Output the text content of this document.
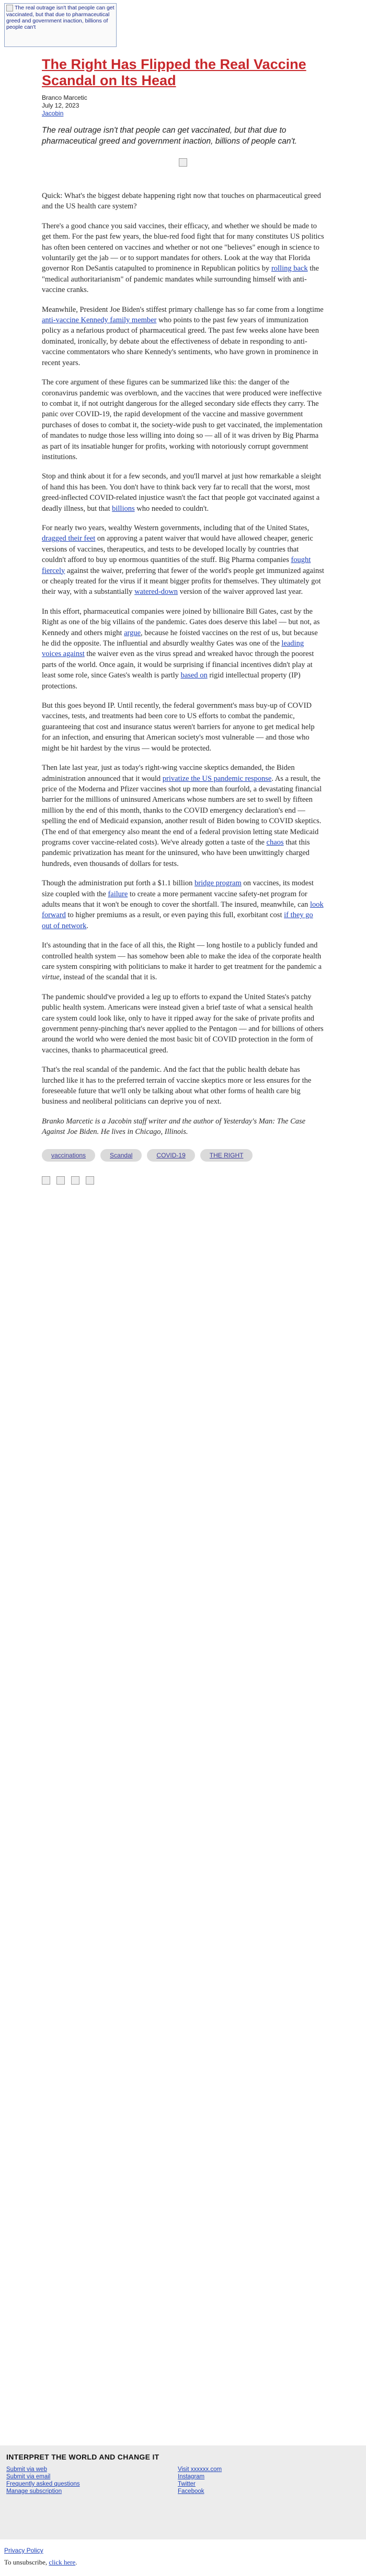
The real outrage isn't that people can get vaccinated, but that due to pharmaceutical greed and government inaction, billions of people can't
The Right Has Flipped the Real Vaccine Scandal on Its Head
Branco Marcetic
July 12, 2023
Jacobin

The real outrage isn't that people can get vaccinated, but that due to pharmaceutical greed and government inaction, billions of people can't.

Quick: What's the biggest debate happening right now that touches on pharmaceutical greed and the US health care system?

There's a good chance you said vaccines, their efficacy, and whether we should be made to get them. For the past few years, the blue-red food fight that for many constitutes US politics has often been centered on vaccines and whether or not one "believes" enough in science to voluntarily get the jab — or to support mandates for others. Look at the way that Florida governor Ron DeSantis catapulted to prominence in Republican politics by rolling back the "medical authoritarianism" of pandemic mandates while surrounding himself with anti-vaccine cranks.

Meanwhile, President Joe Biden's stiffest primary challenge has so far come from a longtime anti-vaccine Kennedy family member who points to the past few years of immunization policy as a nefarious product of pharmaceutical greed. The past few weeks alone have been dominated, ironically, by debate about the effectiveness of debate in responding to anti-vaccine commentators who share Kennedy's sentiments, who have grown in prominence in recent years.

The core argument of these figures can be summarized like this: the danger of the coronavirus pandemic was overblown, and the vaccines that were produced were ineffective to combat it, if not outright dangerous for the alleged secondary side effects they carry. The panic over COVID-19, the rapid development of the vaccine and massive government purchases of doses to combat it, the society-wide push to get vaccinated, the implementation of mandates to nudge those less willing into doing so — all of it was driven by Big Pharma as part of its insatiable hunger for profits, working with notoriously corrupt government institutions.

Stop and think about it for a few seconds, and you'll marvel at just how remarkable a sleight of hand this has been. You don't have to think back very far to recall that the worst, most greed-inflected COVID-related injustice wasn't the fact that people got vaccinated against a deadly illness, but that billions who needed to couldn't.

For nearly two years, wealthy Western governments, including that of the United States, dragged their feet on approving a patent waiver that would have allowed cheaper, generic versions of vaccines, therapeutics, and tests to be developed locally by countries that couldn't afford to buy up enormous quantities of the stuff. Big Pharma companies fought fiercely against the waiver, preferring that fewer of the world's people get immunized against or cheaply treated for the virus if it meant bigger profits for themselves. They ultimately got their way, with a substantially watered-down version of the waiver approved last year.

In this effort, pharmaceutical companies were joined by billionaire Bill Gates, cast by the Right as one of the big villains of the pandemic. Gates does deserve this label — but not, as Kennedy and others might argue, because he foisted vaccines on the rest of us, but because he did the opposite. The influential and absurdly wealthy Gates was one of the leading voices against the waiver even as the virus spread and wreaked havoc through the poorest parts of the world. Once again, it would be surprising if financial incentives didn't play at least some role, since Gates's wealth is partly based on rigid intellectual property (IP) protections.

But this goes beyond IP. Until recently, the federal government's mass buy-up of COVID vaccines, tests, and treatments had been core to US efforts to combat the pandemic, guaranteeing that cost and insurance status weren't barriers for anyone to get medical help for an infection, and ensuring that American society's most vulnerable — and those who might be hit hardest by the virus — would be protected.

Then late last year, just as today's right-wing vaccine skeptics demanded, the Biden administration announced that it would privatize the US pandemic response. As a result, the price of the Moderna and Pfizer vaccines shot up more than fourfold, a devastating financial barrier for the millions of uninsured Americans whose numbers are set to swell by fifteen million by the end of this month, thanks to the COVID emergency declaration's end — spelling the end of Medicaid expansion, another result of Biden bowing to COVID skeptics. (The end of that emergency also meant the end of a federal provision letting state Medicaid programs cover vaccine-related costs). We've already gotten a taste of the chaos that this pandemic privatization has meant for the uninsured, who have been unwittingly charged hundreds, even thousands of dollars for tests.

Though the administration put forth a $1.1 billion bridge program on vaccines, its modest size coupled with the failure to create a more permanent vaccine safety-net program for adults means that it won't be enough to cover the shortfall. The insured, meanwhile, can look forward to higher premiums as a result, or even paying this full, exorbitant cost if they go out of network.

It's astounding that in the face of all this, the Right — long hostile to a publicly funded and controlled health system — has somehow been able to make the idea of the corporate health care system conspiring with politicians to make it harder to get treatment for the pandemic a virtue, instead of the scandal that it is.

The pandemic should've provided a leg up to efforts to expand the United States's patchy public health system. Americans were instead given a brief taste of what a sensical health care system could look like, only to have it ripped away for the sake of private profits and government penny-pinching that's never applied to the Pentagon — and for billions of others around the world who were denied the most basic bit of COVID protection in the form of vaccines, thanks to pharmaceutical greed.

That's the real scandal of the pandemic. And the fact that the public health debate has lurched like it has to the preferred terrain of vaccine skeptics more or less ensures for the foreseeable future that we'll only be talking about what other forms of health care big business and neoliberal politicians can deprive you of next.

Branko Marcetic is a Jacobin staff writer and the author of Yesterday's Man: The Case Against Joe Biden. He lives in Chicago, Illinois.

vaccinations	Scandal	COVID-19	THE RIGHT
INTERPRET THE WORLD AND CHANGE IT
Submit via web
Submit via email
Frequently asked questions
Manage subscription
Visit xxxxxx.com
Instagram
Twitter
Facebook
Privacy Policy
To unsubscribe, click here.
